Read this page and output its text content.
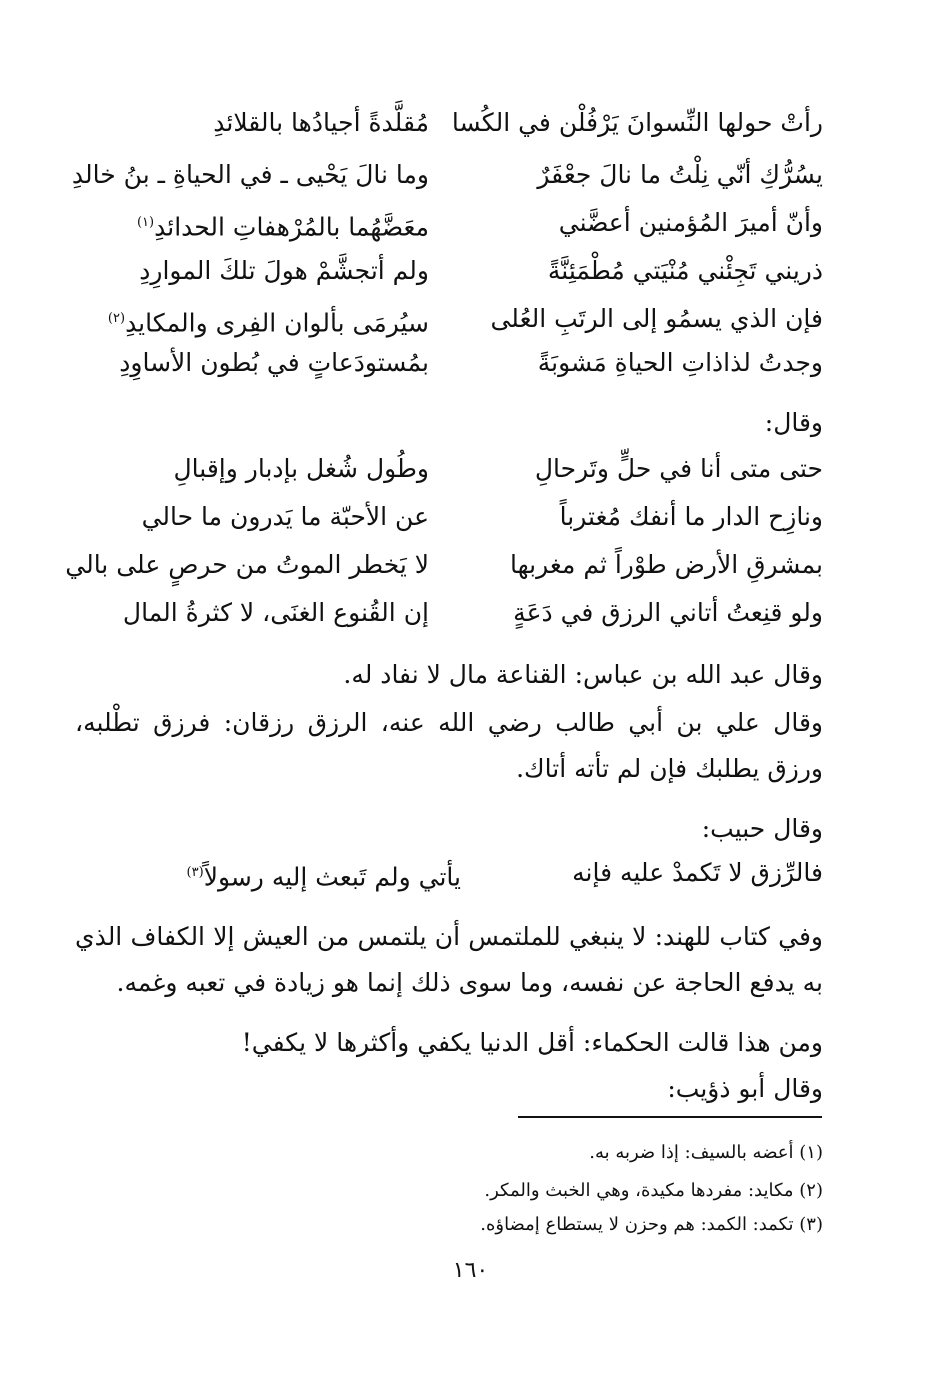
رأتْ حولها النِّسوانَ يَرْفُلْن في الكُسا
مُقلَّدةً أجيادُها بالقلائدِ
يسُرُّكِ أنّي نِلْتُ ما نالَ جعْفَرٌ
وما نالَ يَحْيى ـ في الحياةِ ـ بنُ خالدِ
وأنّ أميرَ المُؤمنين أعضَّني
معَضَّهُما بالمُرْهفاتِ الحدائدِ$^{(١)}$
ذريني تَجِئْني مُنْيَتي مُطْمَئِنَّةً
ولم أتجشَّمْ هولَ تلكَ الموارِدِ
فإن الذي يسمُو إلى الرتَبِ العُلى
سيُرمَى بألوان الفِرى والمكايدِ$^{(٢)}$
وجدتُ لذاذاتِ الحياةِ مَشوبَةً
بمُستودَعاتٍ في بُطون الأساوِدِ
وقال:
حتى متى أنا في حلٍّ وتَرحالِ
وطُول شُغل بإدبار وإقبالِ
ونازِح الدار ما أنفك مُغترباً
عن الأحبّة ما يَدرون ما حالي
بمشرقِ الأرض طوْراً ثم مغربها
لا يَخطر الموتُ من حرصٍ على بالي
ولو قنِعتُ أتاني الرزق في دَعَةٍ
إن القُنوع الغنَى، لا كثرةُ المال
وقال عبد الله بن عباس: القناعة مال لا نفاد له.
وقال علي بن أبي طالب رضي الله عنه، الرزق رزقان: فرزق تطْلبه، ورزق يطلبك فإن لم تأته أتاك.
وقال حبيب:
فالرِّزق لا تَكمدْ عليه فإنه
يأتي ولم تَبعث إليه رسولاً$^{(٣)}$
وفي كتاب للهند: لا ينبغي للملتمس أن يلتمس من العيش إلا الكفاف الذي به يدفع الحاجة عن نفسه، وما سوى ذلك إنما هو زيادة في تعبه وغمه.
ومن هذا قالت الحكماء: أقل الدنيا يكفي وأكثرها لا يكفي!
وقال أبو ذؤيب:
(١) أعضه بالسيف: إذا ضربه به.
(٢) مكايد: مفردها مكيدة، وهي الخبث والمكر.
(٣) تكمد: الكمد: هم وحزن لا يستطاع إمضاؤه.
١٦٠
